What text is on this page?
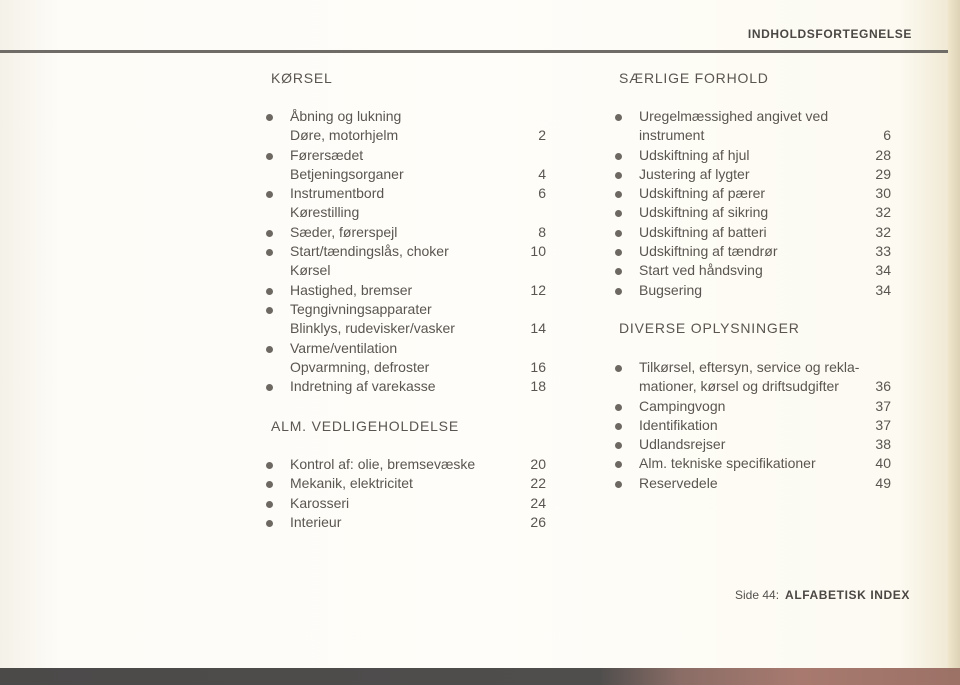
INDHOLDSFORTEGNELSE
KØRSEL
Åbning og lukning
Døre, motorhjelm	2
Førersædet
Betjeningsorganer	4
Instrumentbord	6
Kørestilling
Sæder, førerspejl	8
Start/tændingslås, choker	10
Kørsel
Hastighed, bremser	12
Tegngivningsapparater
Blinklys, rudevisker/vasker	14
Varme/ventilation
Opvarmning, defroster	16
Indretning af varekasse	18
ALM. VEDLIGEHOLDELSE
Kontrol af: olie, bremsevæske	20
Mekanik, elektricitet	22
Karosseri	24
Interieur	26
SÆRLIGE FORHOLD
Uregelmæssighed angivet ved
instrument	6
Udskiftning af hjul	28
Justering af lygter	29
Udskiftning af pærer	30
Udskiftning af sikring	32
Udskiftning af batteri	32
Udskiftning af tændrør	33
Start ved håndsving	34
Bugsering	34
DIVERSE OPLYSNINGER
Tilkørsel, eftersyn, service og rekla-
mationer, kørsel og driftsudgifter	36
Campingvogn	37
Identifikation	37
Udlandsrejser	38
Alm. tekniske specifikationer	40
Reservedele	49
Side 44: ALFABETISK INDEX
